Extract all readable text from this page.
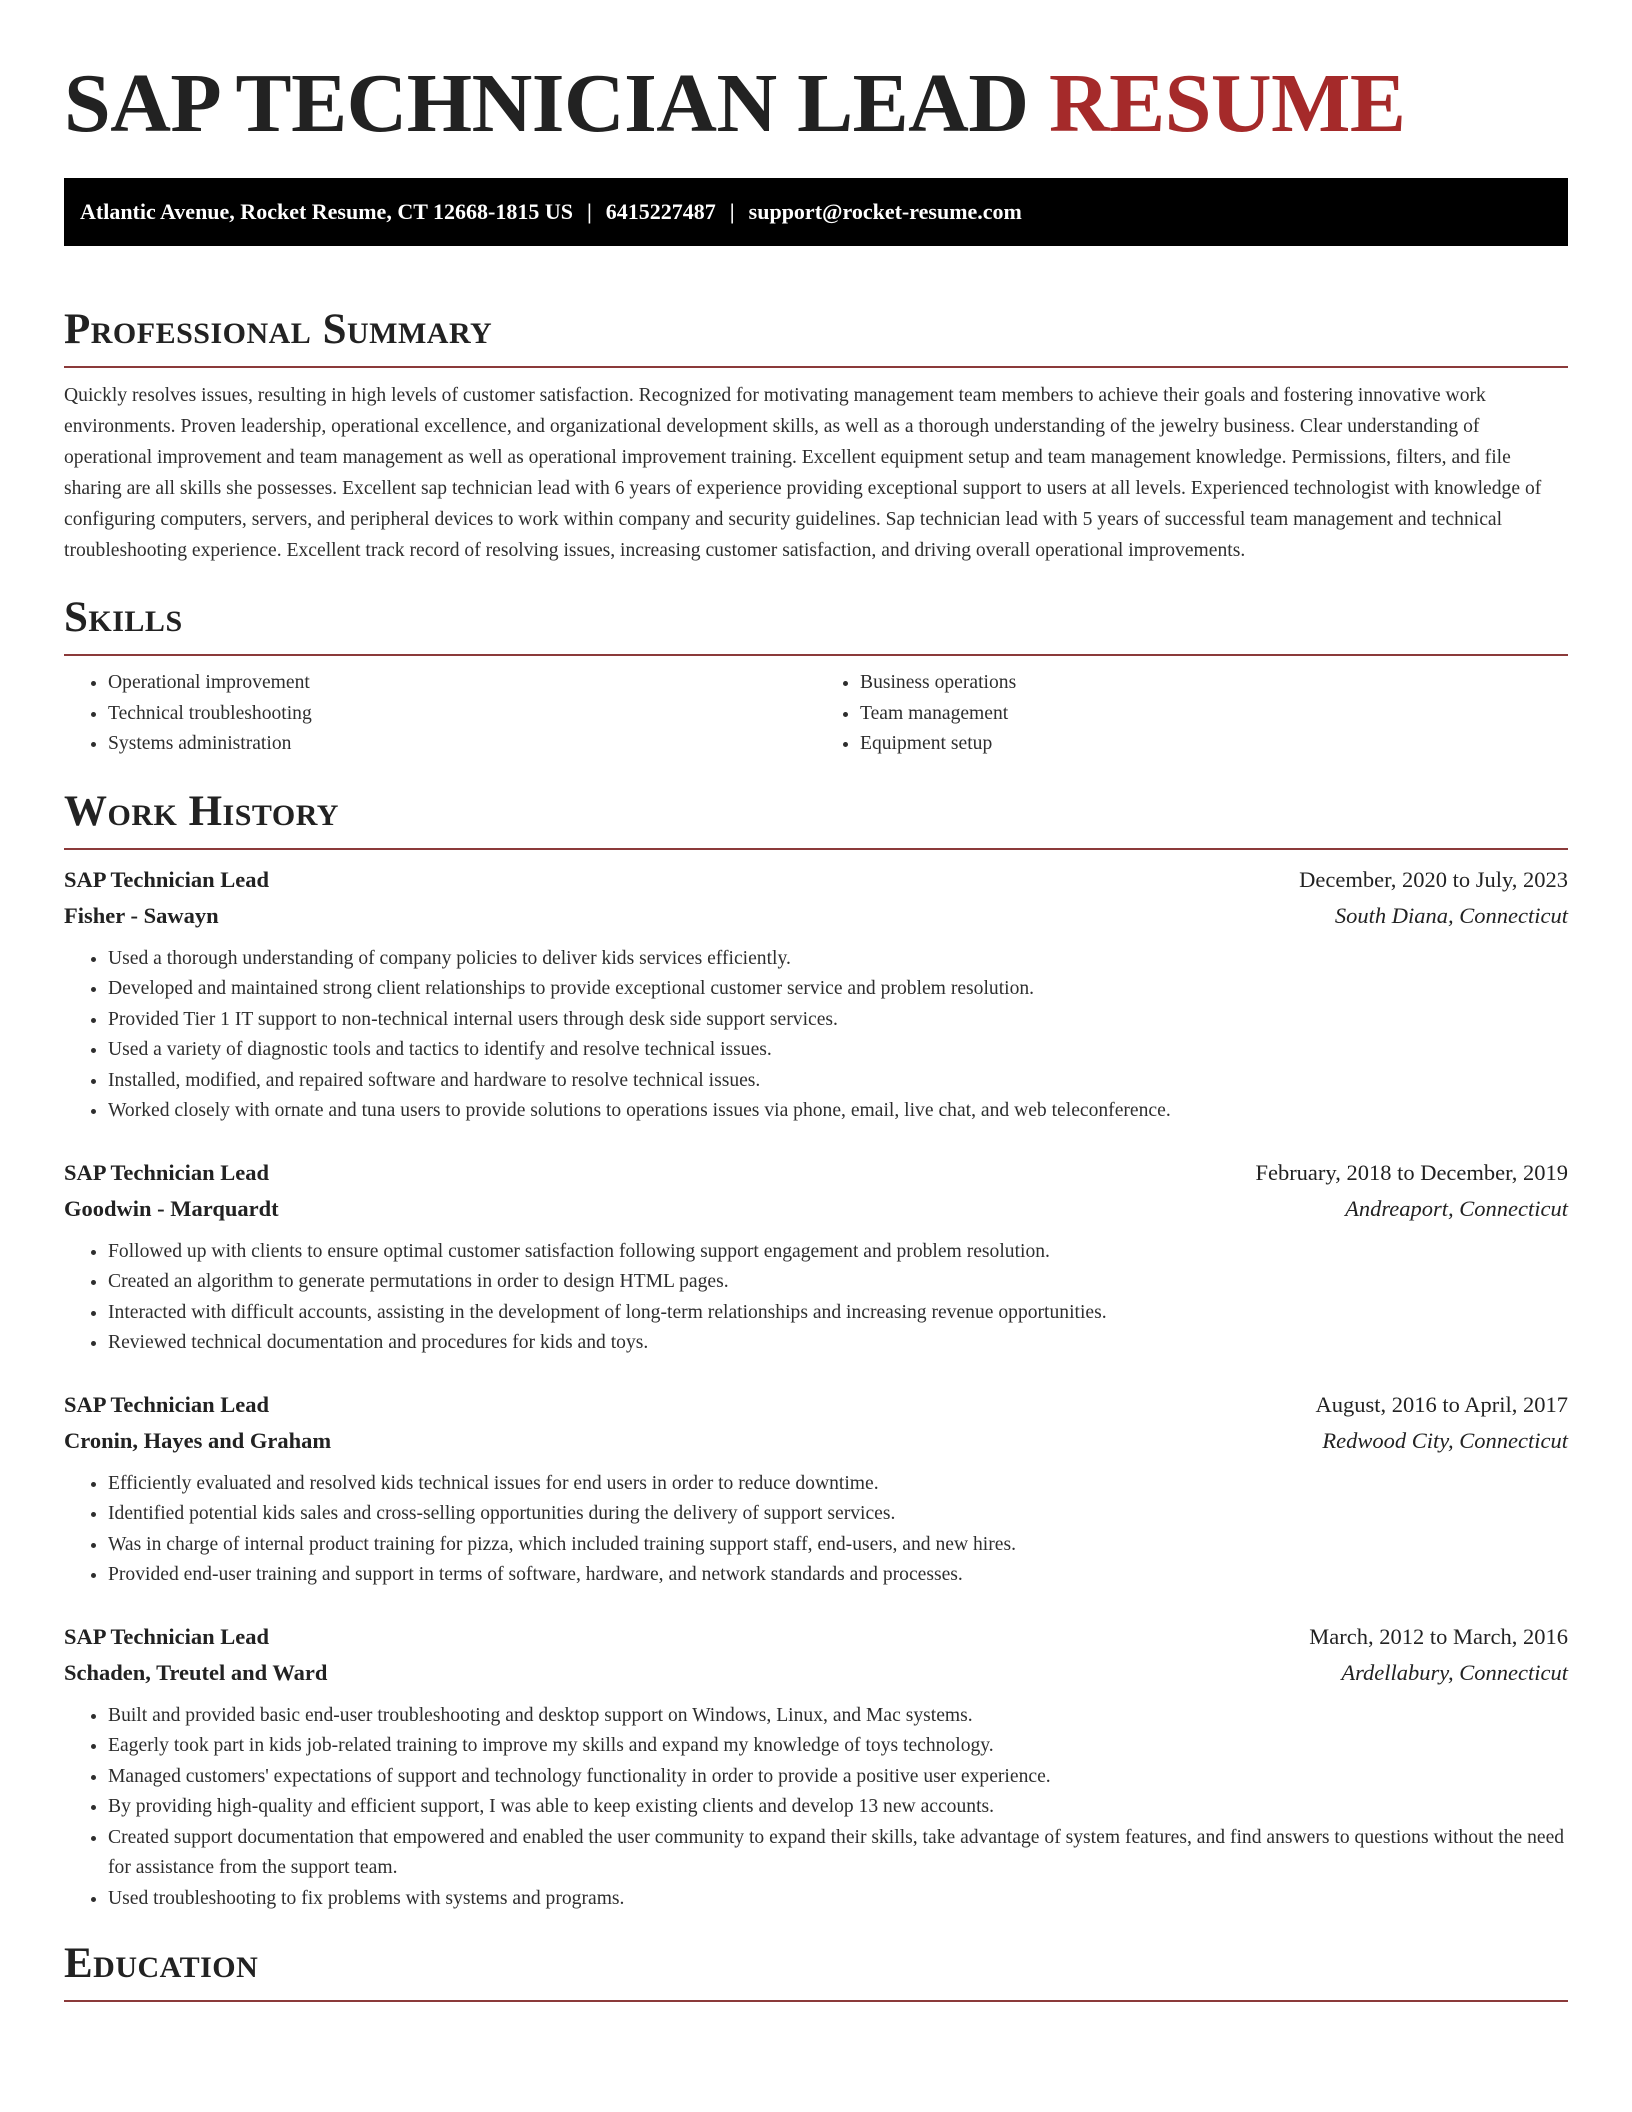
SAP TECHNICIAN LEAD RESUME
Atlantic Avenue, Rocket Resume, CT 12668-1815 US | 6415227487 | support@rocket-resume.com
Professional Summary

Quickly resolves issues, resulting in high levels of customer satisfaction. Recognized for motivating management team members to achieve their goals and fostering innovative work environments. Proven leadership, operational excellence, and organizational development skills, as well as a thorough understanding of the jewelry business. Clear understanding of operational improvement and team management as well as operational improvement training. Excellent equipment setup and team management knowledge. Permissions, filters, and file sharing are all skills she possesses. Excellent sap technician lead with 6 years of experience providing exceptional support to users at all levels. Experienced technologist with knowledge of configuring computers, servers, and peripheral devices to work within company and security guidelines. Sap technician lead with 5 years of successful team management and technical troubleshooting experience. Excellent track record of resolving issues, increasing customer satisfaction, and driving overall operational improvements.

Skills
• Operational improvement
• Technical troubleshooting
• Systems administration
• Business operations
• Team management
• Equipment setup
Work History
SAP Technician Lead	December, 2020 to July, 2023
Fisher - Sawayn	South Diana, Connecticut
• Used a thorough understanding of company policies to deliver kids services efficiently.
• Developed and maintained strong client relationships to provide exceptional customer service and problem resolution.
• Provided Tier 1 IT support to non-technical internal users through desk side support services.
• Used a variety of diagnostic tools and tactics to identify and resolve technical issues.
• Installed, modified, and repaired software and hardware to resolve technical issues.
• Worked closely with ornate and tuna users to provide solutions to operations issues via phone, email, live chat, and web teleconference.
SAP Technician Lead	February, 2018 to December, 2019
Goodwin - Marquardt	Andreaport, Connecticut
• Followed up with clients to ensure optimal customer satisfaction following support engagement and problem resolution.
• Created an algorithm to generate permutations in order to design HTML pages.
• Interacted with difficult accounts, assisting in the development of long-term relationships and increasing revenue opportunities.
• Reviewed technical documentation and procedures for kids and toys.
SAP Technician Lead	August, 2016 to April, 2017
Cronin, Hayes and Graham	Redwood City, Connecticut
• Efficiently evaluated and resolved kids technical issues for end users in order to reduce downtime.
• Identified potential kids sales and cross-selling opportunities during the delivery of support services.
• Was in charge of internal product training for pizza, which included training support staff, end-users, and new hires.
• Provided end-user training and support in terms of software, hardware, and network standards and processes.
SAP Technician Lead	March, 2012 to March, 2016
Schaden, Treutel and Ward	Ardellabury, Connecticut
• Built and provided basic end-user troubleshooting and desktop support on Windows, Linux, and Mac systems.
• Eagerly took part in kids job-related training to improve my skills and expand my knowledge of toys technology.
• Managed customers' expectations of support and technology functionality in order to provide a positive user experience.
• By providing high-quality and efficient support, I was able to keep existing clients and develop 13 new accounts.
• Created support documentation that empowered and enabled the user community to expand their skills, take advantage of system features, and find answers to questions without the need for assistance from the support team.
• Used troubleshooting to fix problems with systems and programs.
Education
